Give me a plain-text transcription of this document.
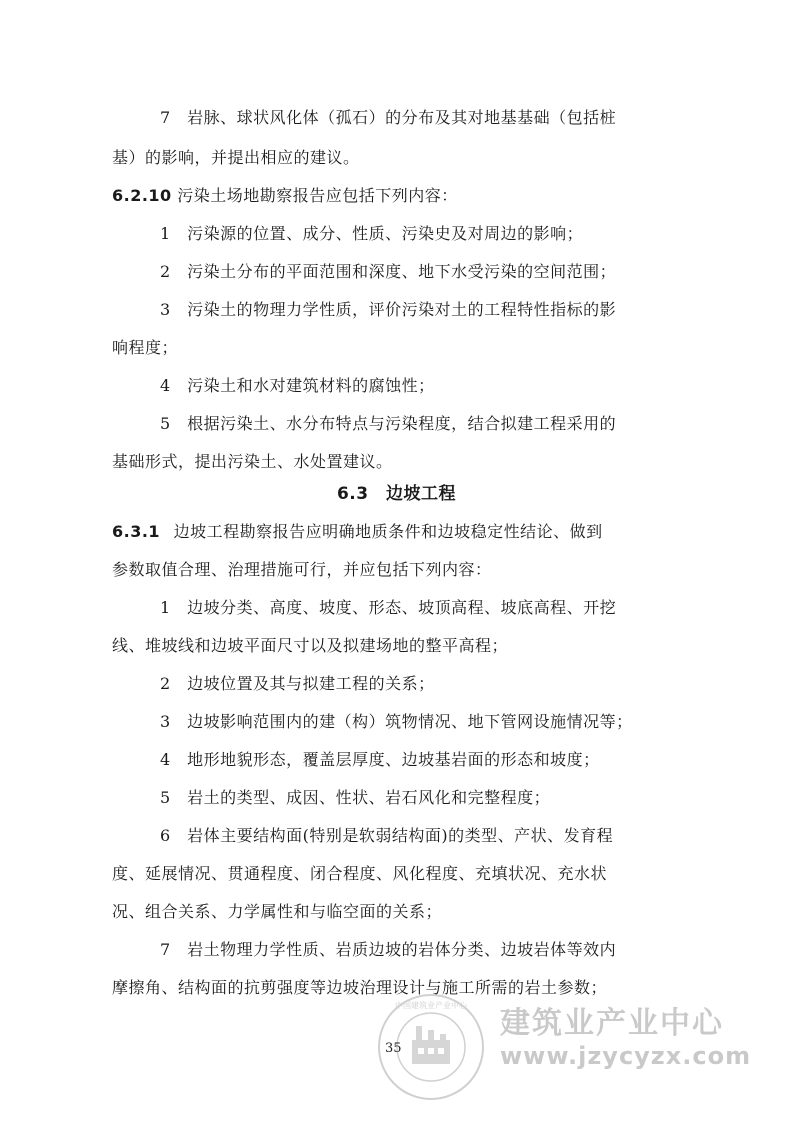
7　岩脉、球状风化体（孤石）的分布及其对地基基础（包括桩
基）的影响，并提出相应的建议。
6.2.10 污染土场地勘察报告应包括下列内容：
1　污染源的位置、成分、性质、污染史及对周边的影响；
2　污染土分布的平面范围和深度、地下水受污染的空间范围；
3　污染土的物理力学性质，评价污染对土的工程特性指标的影
响程度；
4　污染土和水对建筑材料的腐蚀性；
5　根据污染土、水分布特点与污染程度，结合拟建工程采用的
基础形式，提出污染土、水处置建议。
6.3　边坡工程
6.3.1 边坡工程勘察报告应明确地质条件和边坡稳定性结论、做到
参数取值合理、治理措施可行，并应包括下列内容：
1　边坡分类、高度、坡度、形态、坡顶高程、坡底高程、开挖
线、堆坡线和边坡平面尺寸以及拟建场地的整平高程；
2　边坡位置及其与拟建工程的关系；
3　边坡影响范围内的建（构）筑物情况、地下管网设施情况等；
4　地形地貌形态，覆盖层厚度、边坡基岩面的形态和坡度；
5　岩土的类型、成因、性状、岩石风化和完整程度；
6　岩体主要结构面(特别是软弱结构面)的类型、产状、发育程
度、延展情况、贯通程度、闭合程度、风化程度、充填状况、充水状
况、组合关系、力学属性和与临空面的关系；
7　岩土物理力学性质、岩质边坡的岩体分类、边坡岩体等效内
摩擦角、结构面的抗剪强度等边坡治理设计与施工所需的岩土参数；
中国建筑业产业中心
建筑业产业中心
www.jzycyzx.com
35
